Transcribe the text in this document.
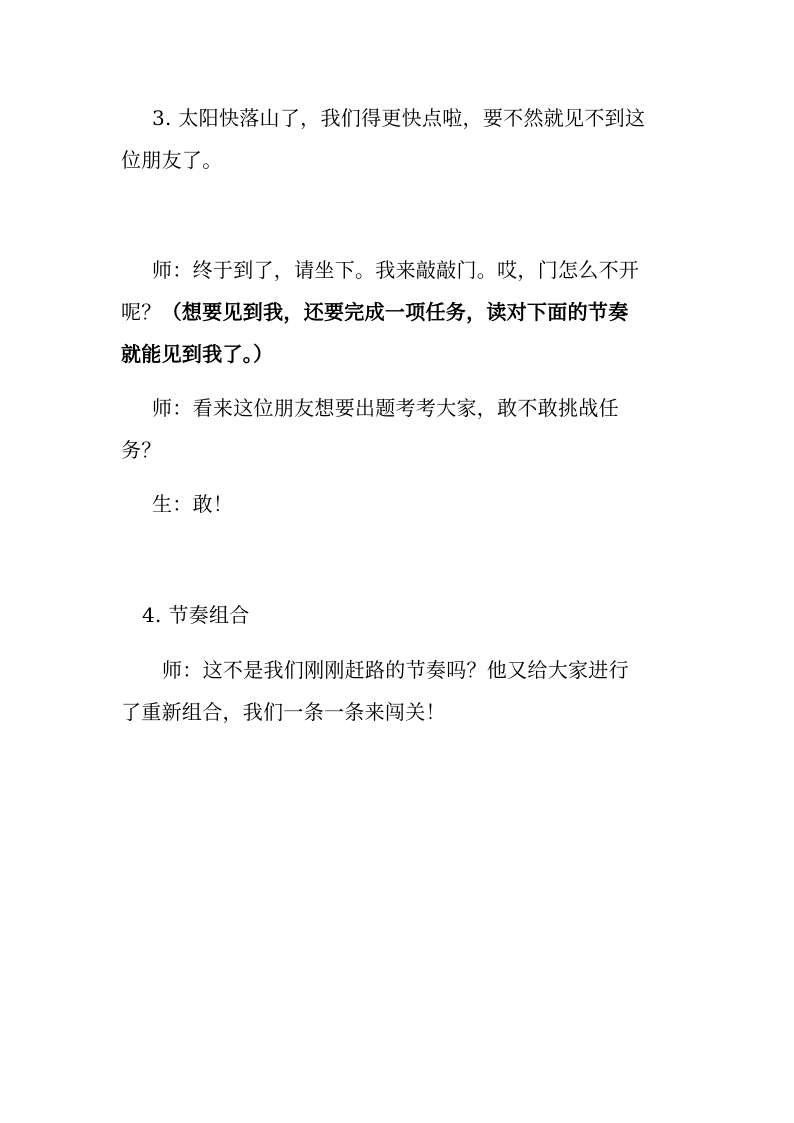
3. 太阳快落山了，我们得更快点啦，要不然就见不到这
位朋友了。
师：终于到了，请坐下。我来敲敲门。哎，门怎么不开
呢？（想要见到我，还要完成一项任务，读对下面的节奏
就能见到我了。）
师：看来这位朋友想要出题考考大家，敢不敢挑战任
务？
生：敢！
4. 节奏组合
师：这不是我们刚刚赶路的节奏吗？他又给大家进行
了重新组合，我们一条一条来闯关！
